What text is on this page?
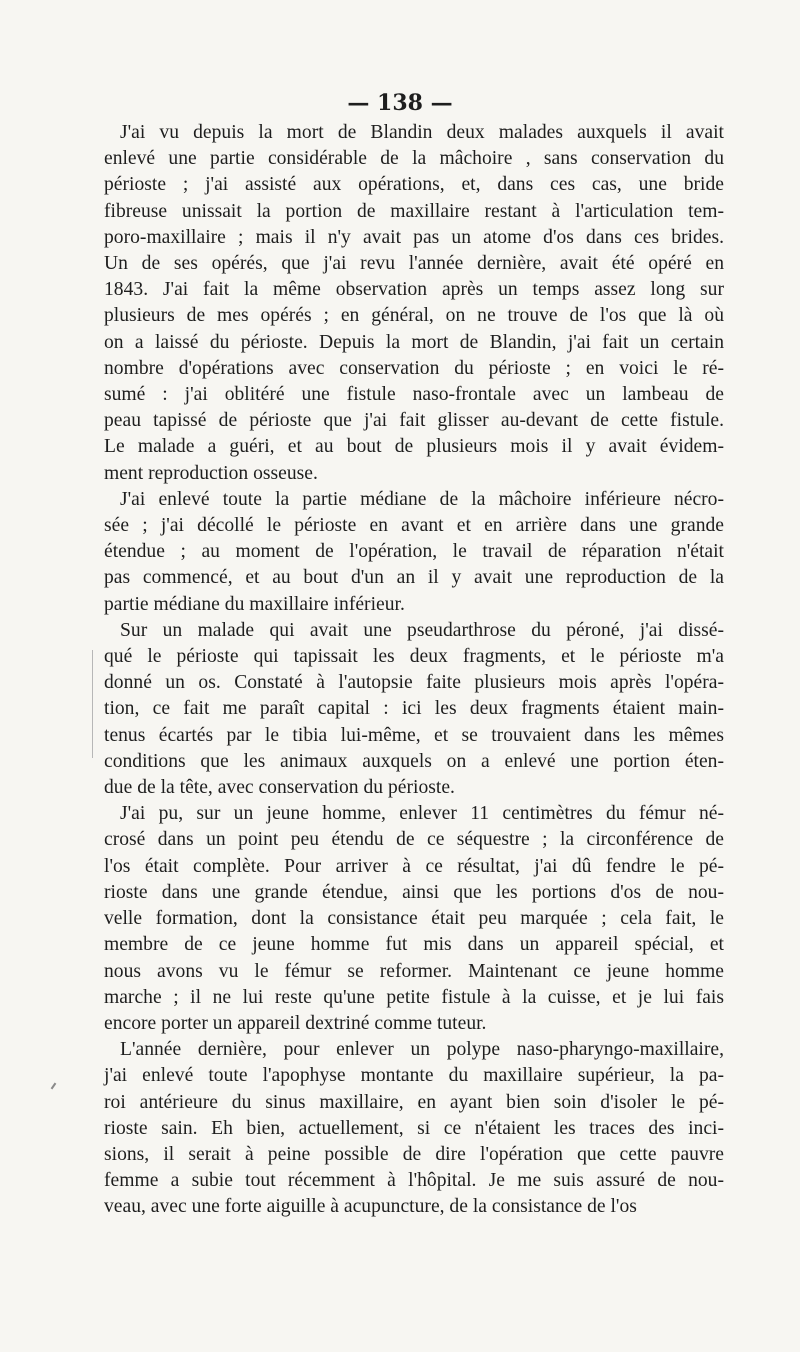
— 138 —
J'ai vu depuis la mort de Blandin deux malades auxquels il avait
enlevé une partie considérable de la mâchoire , sans conservation du
périoste ; j'ai assisté aux opérations, et, dans ces cas, une bride
fibreuse unissait la portion de maxillaire restant à l'articulation tem-
poro-maxillaire ; mais il n'y avait pas un atome d'os dans ces brides.
Un de ses opérés, que j'ai revu l'année dernière, avait été opéré en
1843. J'ai fait la même observation après un temps assez long sur
plusieurs de mes opérés ; en général, on ne trouve de l'os que là où
on a laissé du périoste. Depuis la mort de Blandin, j'ai fait un certain
nombre d'opérations avec conservation du périoste ; en voici le ré-
sumé : j'ai oblitéré une fistule naso-frontale avec un lambeau de
peau tapissé de périoste que j'ai fait glisser au-devant de cette fistule.
Le malade a guéri, et au bout de plusieurs mois il y avait évidem-
ment reproduction osseuse.
J'ai enlevé toute la partie médiane de la mâchoire inférieure nécro-
sée ; j'ai décollé le périoste en avant et en arrière dans une grande
étendue ; au moment de l'opération, le travail de réparation n'était
pas commencé, et au bout d'un an il y avait une reproduction de la
partie médiane du maxillaire inférieur.
Sur un malade qui avait une pseudarthrose du péroné, j'ai dissé-
qué le périoste qui tapissait les deux fragments, et le périoste m'a
donné un os. Constaté à l'autopsie faite plusieurs mois après l'opéra-
tion, ce fait me paraît capital : ici les deux fragments étaient main-
tenus écartés par le tibia lui-même, et se trouvaient dans les mêmes
conditions que les animaux auxquels on a enlevé une portion éten-
due de la tête, avec conservation du périoste.
J'ai pu, sur un jeune homme, enlever 11 centimètres du fémur né-
crosé dans un point peu étendu de ce séquestre ; la circonférence de
l'os était complète. Pour arriver à ce résultat, j'ai dû fendre le pé-
rioste dans une grande étendue, ainsi que les portions d'os de nou-
velle formation, dont la consistance était peu marquée ; cela fait, le
membre de ce jeune homme fut mis dans un appareil spécial, et
nous avons vu le fémur se reformer. Maintenant ce jeune homme
marche ; il ne lui reste qu'une petite fistule à la cuisse, et je lui fais
encore porter un appareil dextriné comme tuteur.
L'année dernière, pour enlever un polype naso-pharyngo-maxillaire,
j'ai enlevé toute l'apophyse montante du maxillaire supérieur, la pa-
roi antérieure du sinus maxillaire, en ayant bien soin d'isoler le pé-
rioste sain. Eh bien, actuellement, si ce n'étaient les traces des inci-
sions, il serait à peine possible de dire l'opération que cette pauvre
femme a subie tout récemment à l'hôpital. Je me suis assuré de nou-
veau, avec une forte aiguille à acupuncture, de la consistance de l'os
